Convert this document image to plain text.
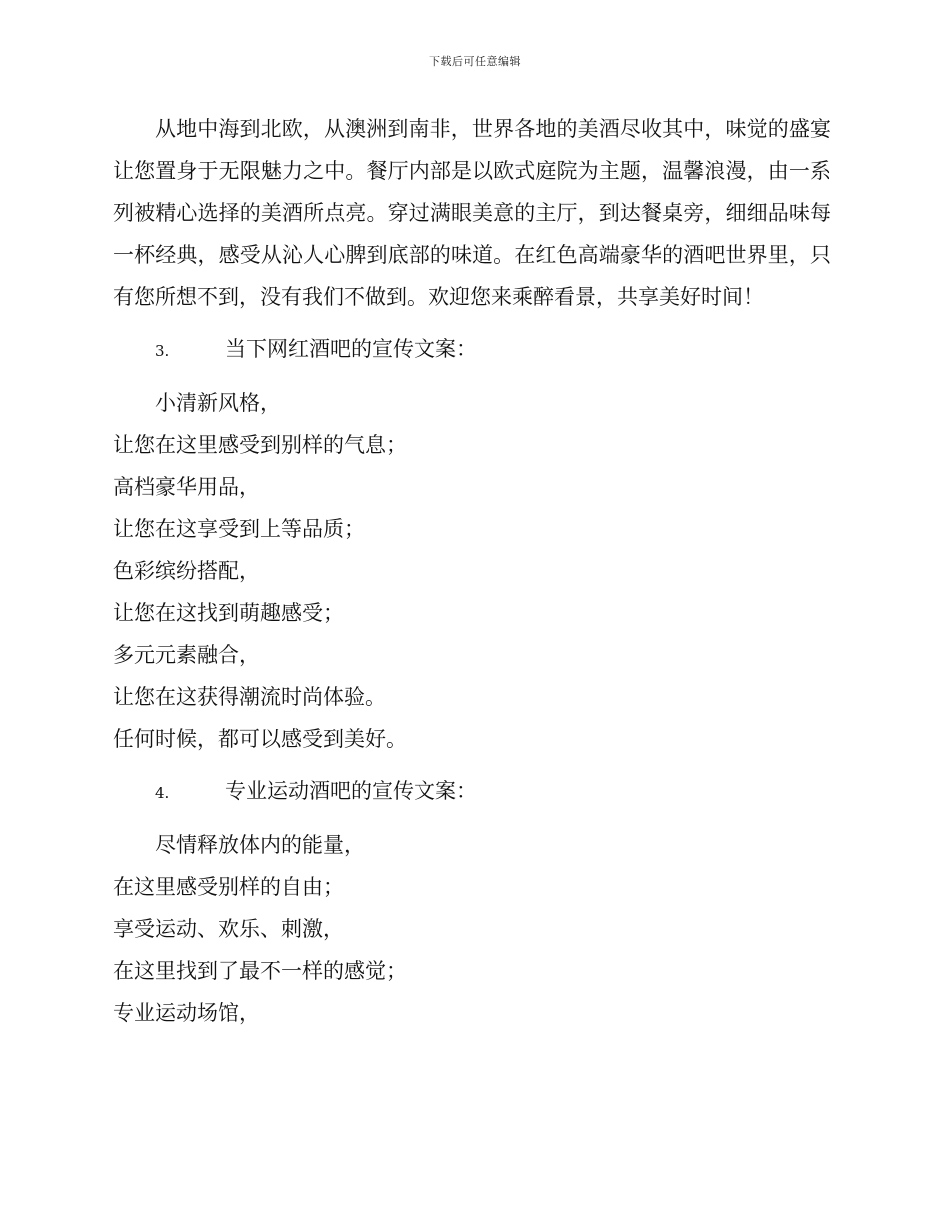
下载后可任意编辑

从地中海到北欧，从澳洲到南非，世界各地的美酒尽收其中，味觉的盛宴让您置身于无限魅力之中。餐厅内部是以欧式庭院为主题，温馨浪漫，由一系列被精心选择的美酒所点亮。穿过满眼美意的主厅，到达餐桌旁，细细品味每一杯经典，感受从沁人心脾到底部的味道。在红色高端豪华的酒吧世界里，只有您所想不到，没有我们不做到。欢迎您来乘醉看景，共享美好时间！

3.	当下网红酒吧的宣传文案：
小清新风格，
让您在这里感受到别样的气息；
高档豪华用品，
让您在这享受到上等品质；
色彩缤纷搭配，
让您在这找到萌趣感受；
多元元素融合，
让您在这获得潮流时尚体验。
任何时候，都可以感受到美好。
4.	专业运动酒吧的宣传文案：
尽情释放体内的能量，
在这里感受别样的自由；
享受运动、欢乐、刺激，
在这里找到了最不一样的感觉；
专业运动场馆，
